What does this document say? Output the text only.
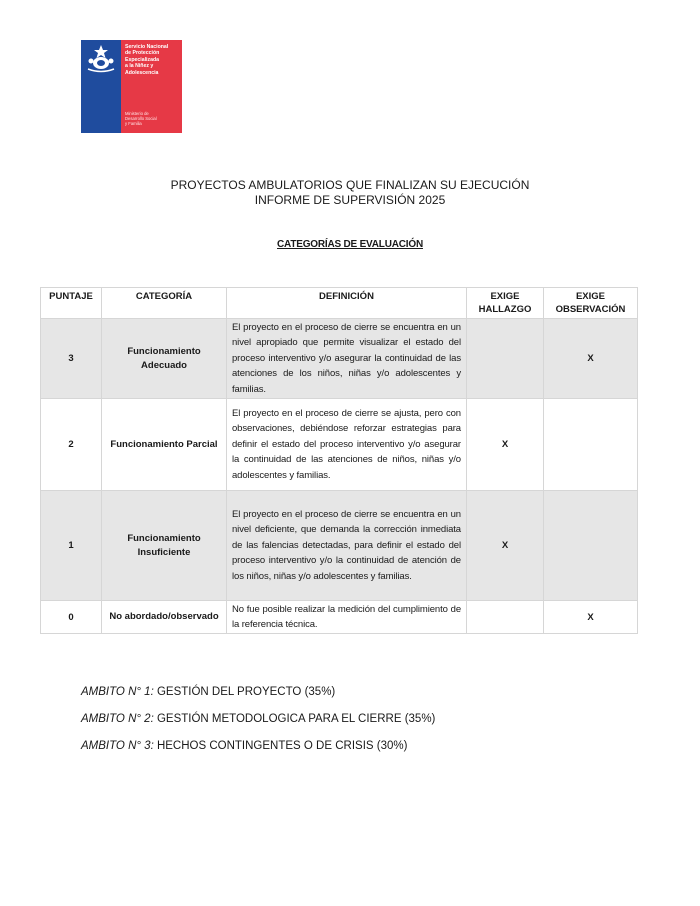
Servicio Nacional
de Protección
Especializada
a la Niñez y
Adolescencia
Ministerio de
Desarrollo Social
y Familia
PROYECTOS AMBULATORIOS QUE FINALIZAN SU EJECUCIÓN
INFORME DE SUPERVISIÓN 2025
CATEGORÍAS DE EVALUACIÓN
PUNTAJE	CATEGORÍA	DEFINICIÓN	EXIGE HALLAZGO	EXIGE OBSERVACIÓN
3	Funcionamiento Adecuado	El proyecto en el proceso de cierre se encuentra en un nivel apropiado que permite visualizar el estado del proceso interventivo y/o asegurar la continuidad de las atenciones de los niños, niñas y/o adolescentes y familias.		X
2	Funcionamiento Parcial	El proyecto en el proceso de cierre se ajusta, pero con observaciones, debiéndose reforzar estrategias para definir el estado del proceso interventivo y/o asegurar la continuidad de las atenciones de niños, niñas y/o adolescentes y familias.	X	
1	Funcionamiento Insuficiente	El proyecto en el proceso de cierre se encuentra en un nivel deficiente, que demanda la corrección inmediata de las falencias detectadas, para definir el estado del proceso interventivo y/o la continuidad de atención de los niños, niñas y/o adolescentes y familias.	X	
0	No abordado/observado	No fue posible realizar la medición del cumplimiento de la referencia técnica.		X
AMBITO N° 1: GESTIÓN DEL PROYECTO (35%)
AMBITO N° 2: GESTIÓN METODOLOGICA PARA EL CIERRE (35%)
AMBITO N° 3: HECHOS CONTINGENTES O DE CRISIS (30%)
